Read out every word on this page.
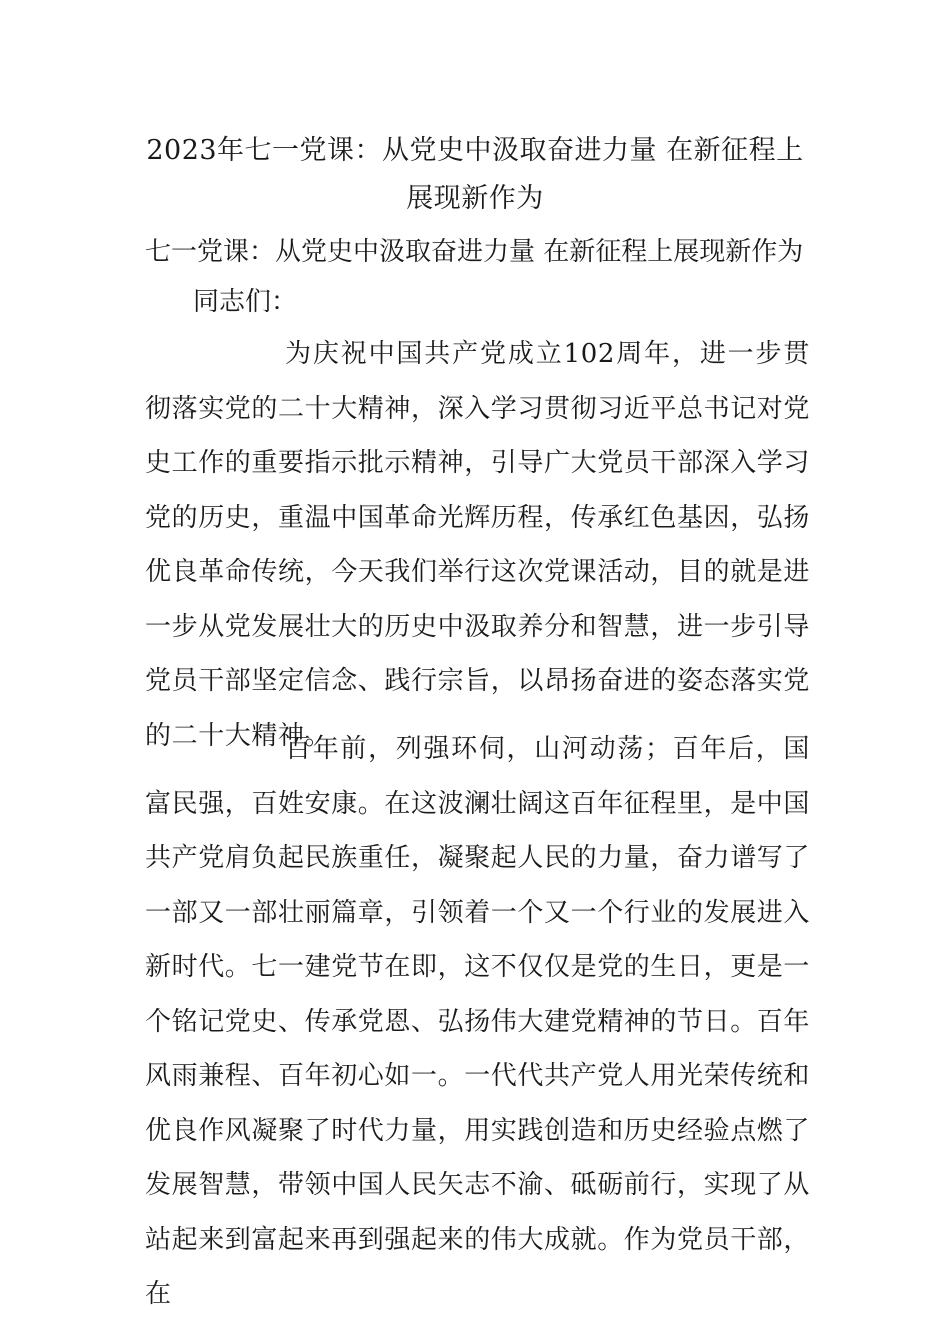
2023年七一党课：从党史中汲取奋进力量 在新征程上展现新作为
七一党课：从党史中汲取奋进力量 在新征程上展现新作为
同志们：
为庆祝中国共产党成立102周年，进一步贯彻落实党的二十大精神，深入学习贯彻习近平总书记对党史工作的重要指示批示精神，引导广大党员干部深入学习党的历史，重温中国革命光辉历程，传承红色基因，弘扬优良革命传统，今天我们举行这次党课活动，目的就是进一步从党发展壮大的历史中汲取养分和智慧，进一步引导党员干部坚定信念、践行宗旨，以昂扬奋进的姿态落实党的二十大精神。
百年前，列强环伺，山河动荡；百年后，国富民强，百姓安康。在这波澜壮阔这百年征程里，是中国共产党肩负起民族重任，凝聚起人民的力量，奋力谱写了一部又一部壮丽篇章，引领着一个又一个行业的发展进入新时代。七一建党节在即，这不仅仅是党的生日，更是一个铭记党史、传承党恩、弘扬伟大建党精神的节日。百年风雨兼程、百年初心如一。一代代共产党人用光荣传统和优良作风凝聚了时代力量，用实践创造和历史经验点燃了发展智慧，带领中国人民矢志不渝、砥砺前行，实现了从站起来到富起来再到强起来的伟大成就。作为党员干部，在
